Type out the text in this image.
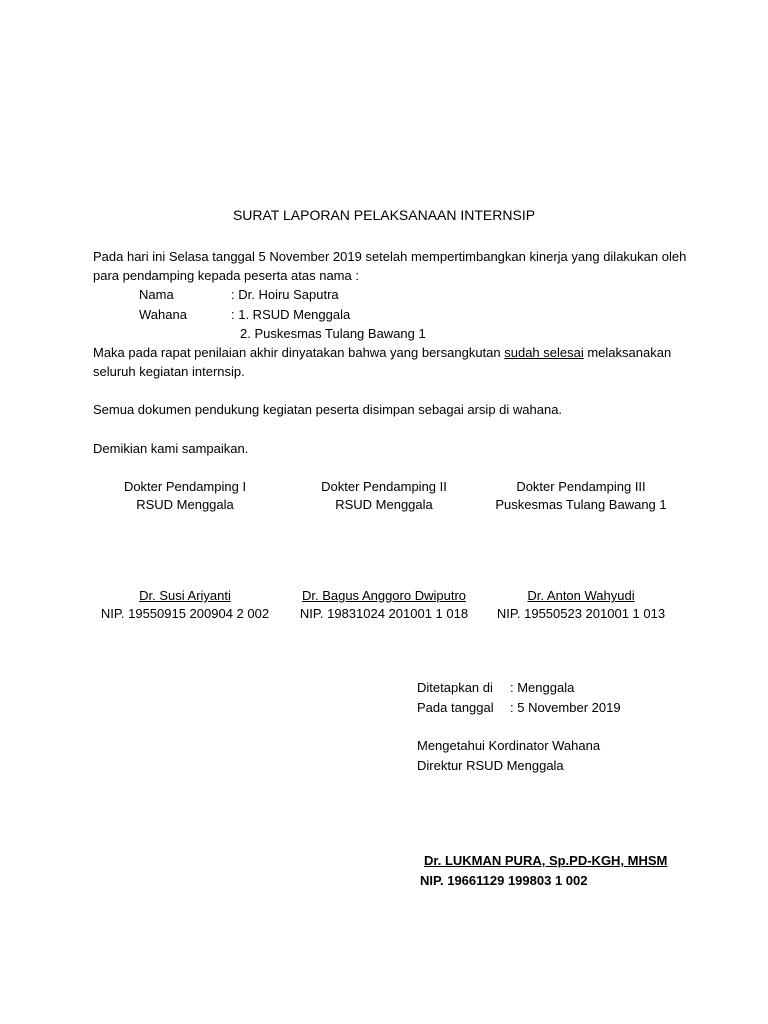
SURAT LAPORAN PELAKSANAAN INTERNSIP
Pada hari ini Selasa tanggal 5 November 2019 setelah mempertimbangkan kinerja yang dilakukan oleh
para pendamping kepada peserta atas nama :
Nama	: Dr. Hoiru Saputra
Wahana	: 1. RSUD Menggala
2. Puskesmas Tulang Bawang 1
Maka pada rapat penilaian akhir dinyatakan bahwa yang bersangkutan sudah selesai melaksanakan
seluruh kegiatan internsip.
Semua dokumen pendukung kegiatan peserta disimpan sebagai arsip di wahana.
Demikian kami sampaikan.
Dokter Pendamping I
RSUD Menggala
Dokter Pendamping II
RSUD Menggala
Dokter Pendamping III
Puskesmas Tulang Bawang 1
Dr. Susi Ariyanti
NIP. 19550915 200904 2 002
Dr. Bagus Anggoro Dwiputro
NIP. 19831024 201001 1 018
Dr. Anton Wahyudi
NIP. 19550523 201001 1 013
Ditetapkan di : Menggala
Pada tanggal : 5 November 2019
Mengetahui Kordinator Wahana
Direktur RSUD Menggala
Dr. LUKMAN PURA, Sp.PD-KGH, MHSM
NIP. 19661129 199803 1 002
